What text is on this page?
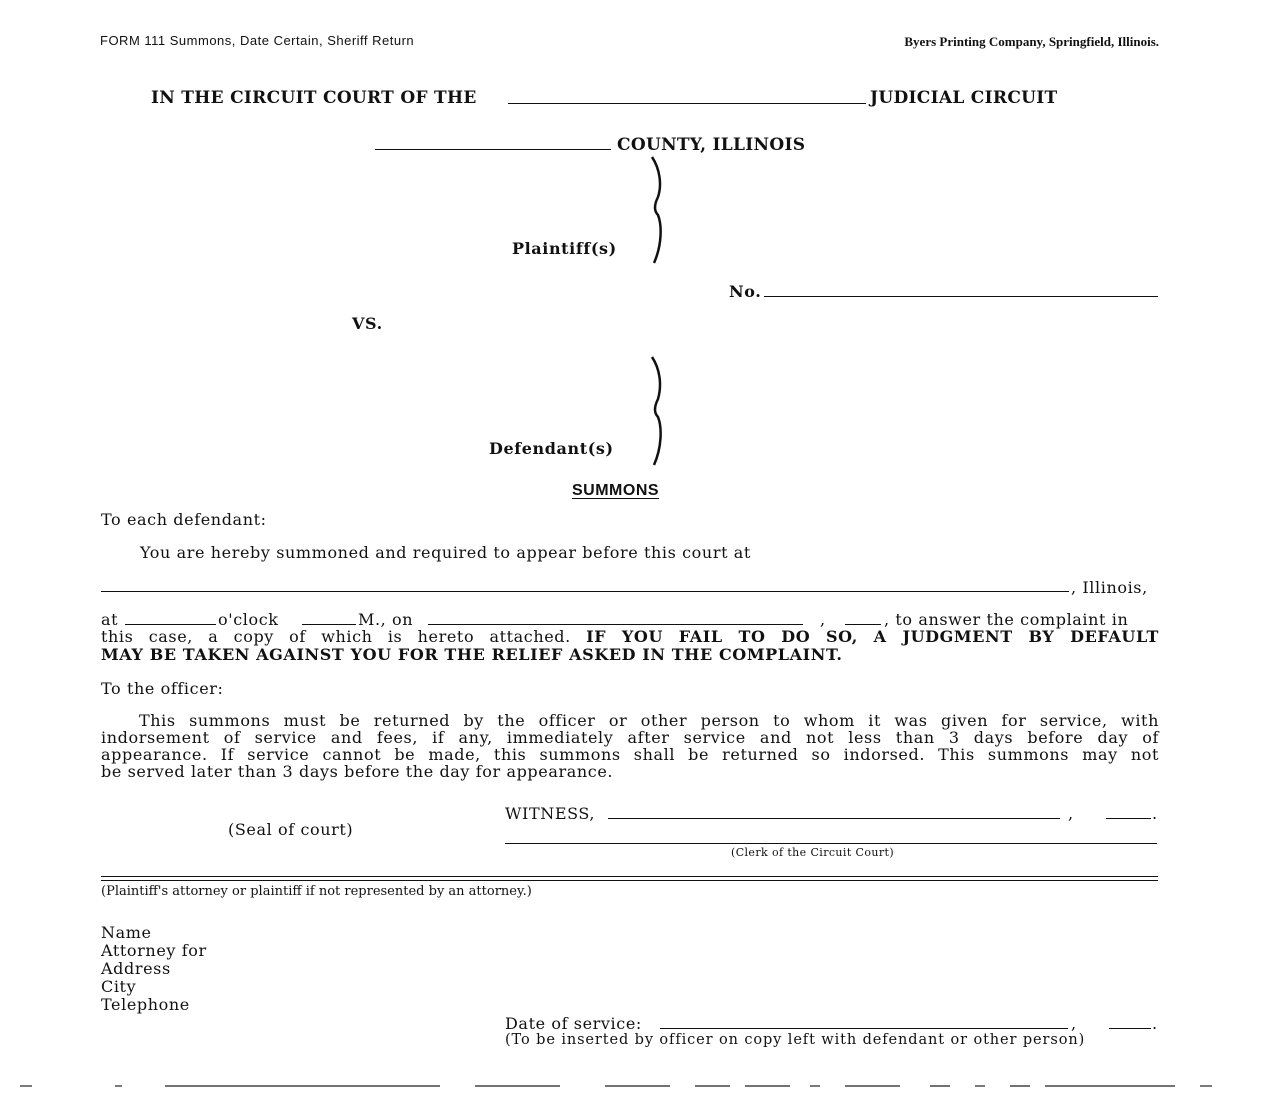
FORM 111 Summons, Date Certain, Sheriff Return	Byers Printing Company, Springfield, Illinois.
IN THE CIRCUIT COURT OF THE	JUDICIAL CIRCUIT
COUNTY, ILLINOIS
Plaintiff(s)
No.
VS.
Defendant(s)
SUMMONS
To each defendant:
You are hereby summoned and required to appear before this court at
, Illinois,
at	o'clock	M., on	,	, to answer the complaint in
this case, a copy of which is hereto attached. IF YOU FAIL TO DO SO, A JUDGMENT BY DEFAULT
MAY BE TAKEN AGAINST YOU FOR THE RELIEF ASKED IN THE COMPLAINT.
To the officer:
This summons must be returned by the officer or other person to whom it was given for service, with
indorsement of service and fees, if any, immediately after service and not less than 3 days before day of
appearance. If service cannot be made, this summons shall be returned so indorsed. This summons may not
be served later than 3 days before the day for appearance.
(Seal of court)
WITNESS,	,	.
(Clerk of the Circuit Court)
(Plaintiff's attorney or plaintiff if not represented by an attorney.)
Name
Attorney for
Address
City
Telephone
Date of service:	,	.
(To be inserted by officer on copy left with defendant or other person)
